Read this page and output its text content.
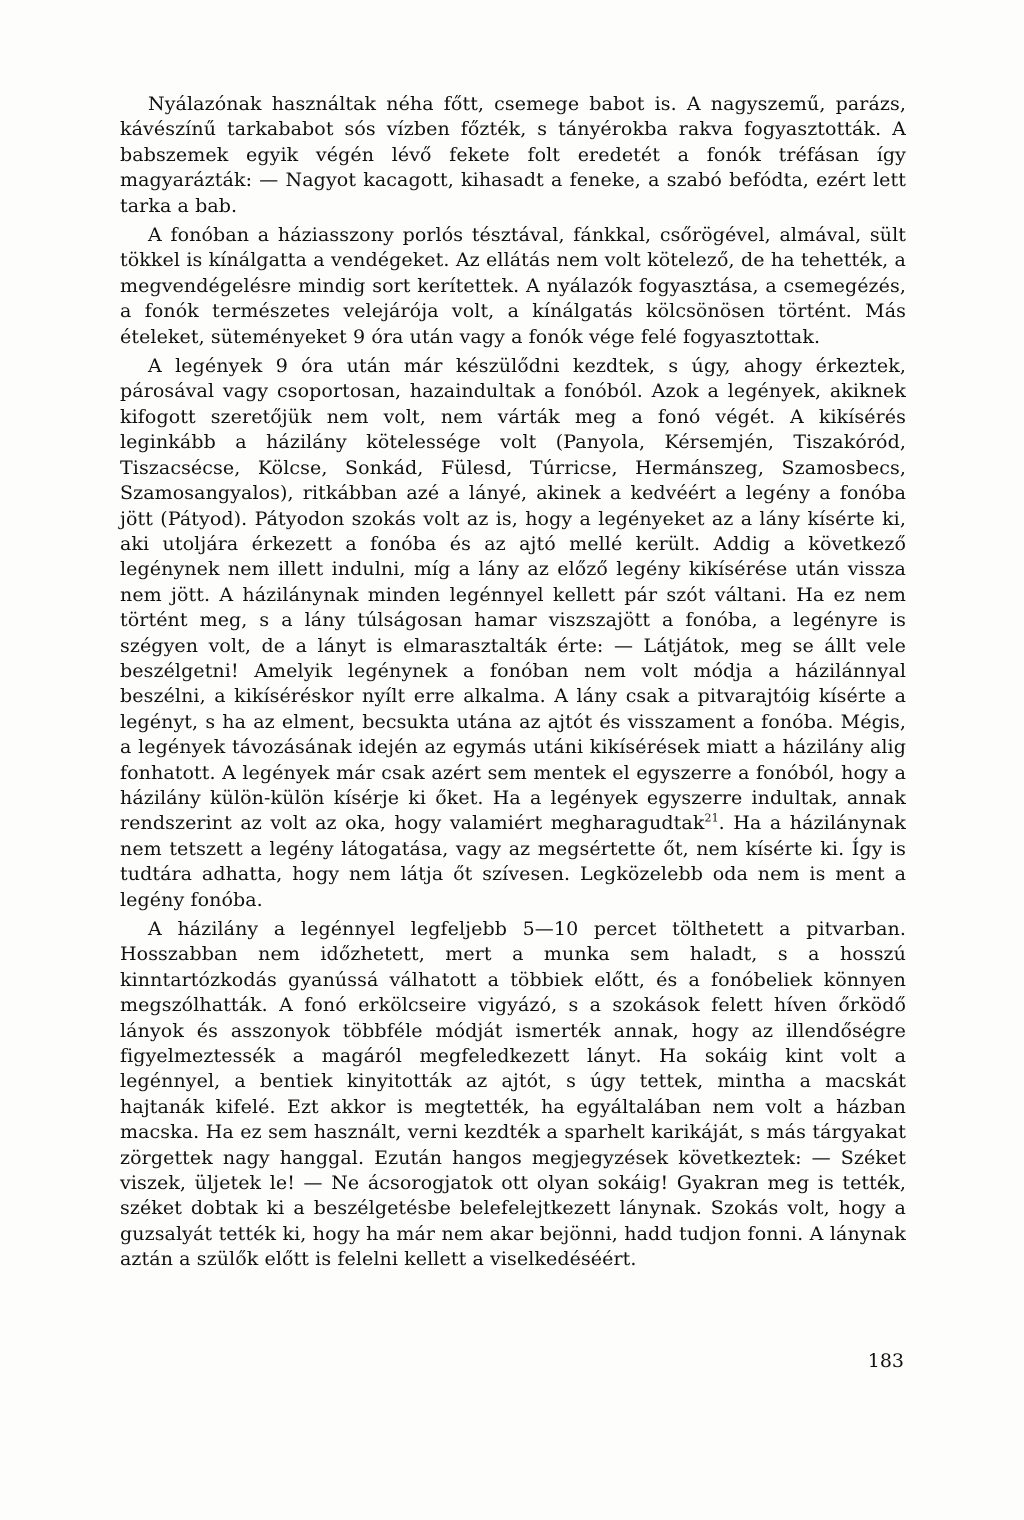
Nyálazónak használtak néha főtt, csemege babot is. A nagyszemű, parázs, kávészínű tarkababot sós vízben főzték, s tányérokba rakva fogyasztották. A babszemek egyik végén lévő fekete folt eredetét a fonók tréfásan így magyarázták: — Nagyot kacagott, kihasadt a feneke, a szabó befódta, ezért lett tarka a bab.

A fonóban a háziasszony porlós tésztával, fánkkal, csőrögével, almával, sült tökkel is kínálgatta a vendégeket. Az ellátás nem volt kötelező, de ha tehették, a megvendégelésre mindig sort kerítettek. A nyálazók fogyasztása, a csemegézés, a fonók természetes velejárója volt, a kínálgatás kölcsönösen történt. Más ételeket, süteményeket 9 óra után vagy a fonók vége felé fogyasztottak.

A legények 9 óra után már készülődni kezdtek, s úgy, ahogy érkeztek, párosával vagy csoportosan, hazaindultak a fonóból. Azok a legények, akiknek kifogott szeretőjük nem volt, nem várták meg a fonó végét. A kikísérés leginkább a házilány kötelessége volt (Panyola, Kérsemjén, Tiszakóród, Tiszacsécse, Kölcse, Sonkád, Fülesd, Túrricse, Hermánszeg, Szamosbecs, Szamosangyalos), ritkábban azé a lányé, akinek a kedvéért a legény a fonóba jött (Pátyod). Pátyodon szokás volt az is, hogy a legényeket az a lány kísérte ki, aki utoljára érkezett a fonóba és az ajtó mellé került. Addig a következő legénynek nem illett indulni, míg a lány az előző legény kikísérése után vissza nem jött. A házilánynak minden legénnyel kellett pár szót váltani. Ha ez nem történt meg, s a lány túlságosan hamar viszszajött a fonóba, a legényre is szégyen volt, de a lányt is elmarasztalták érte: — Látjátok, meg se állt vele beszélgetni! Amelyik legénynek a fonóban nem volt módja a házilánnyal beszélni, a kikíséréskor nyílt erre alkalma. A lány csak a pitvarajtóig kísérte a legényt, s ha az elment, becsukta utána az ajtót és visszament a fonóba. Mégis, a legények távozásának idején az egymás utáni kikísérések miatt a házilány alig fonhatott. A legények már csak azért sem mentek el egyszerre a fonóból, hogy a házilány külön-külön kísérje ki őket. Ha a legények egyszerre indultak, annak rendszerint az volt az oka, hogy valamiért megharagudtak$^{21}$. Ha a házilánynak nem tetszett a legény látogatása, vagy az megsértette őt, nem kísérte ki. Így is tudtára adhatta, hogy nem látja őt szívesen. Legközelebb oda nem is ment a legény fonóba.

A házilány a legénnyel legfeljebb 5—10 percet tölthetett a pitvarban. Hosszabban nem időzhetett, mert a munka sem haladt, s a hosszú kinntartózkodás gyanússá válhatott a többiek előtt, és a fonóbeliek könnyen megszólhatták. A fonó erkölcseire vigyázó, s a szokások felett híven őrködő lányok és asszonyok többféle módját ismerték annak, hogy az illendőségre figyelmeztessék a magáról megfeledkezett lányt. Ha sokáig kint volt a legénnyel, a bentiek kinyitották az ajtót, s úgy tettek, mintha a macskát hajtanák kifelé. Ezt akkor is megtették, ha egyáltalában nem volt a házban macska. Ha ez sem használt, verni kezdték a sparhelt karikáját, s más tárgyakat zörgettek nagy hanggal. Ezután hangos megjegyzések következtek: — Széket viszek, üljetek le! — Ne ácsorogjatok ott olyan sokáig! Gyakran meg is tették, széket dobtak ki a beszélgetésbe belefelejtkezett lánynak. Szokás volt, hogy a guzsalyát tették ki, hogy ha már nem akar bejönni, hadd tudjon fonni. A lánynak aztán a szülők előtt is felelni kellett a viselkedéséért.

183
